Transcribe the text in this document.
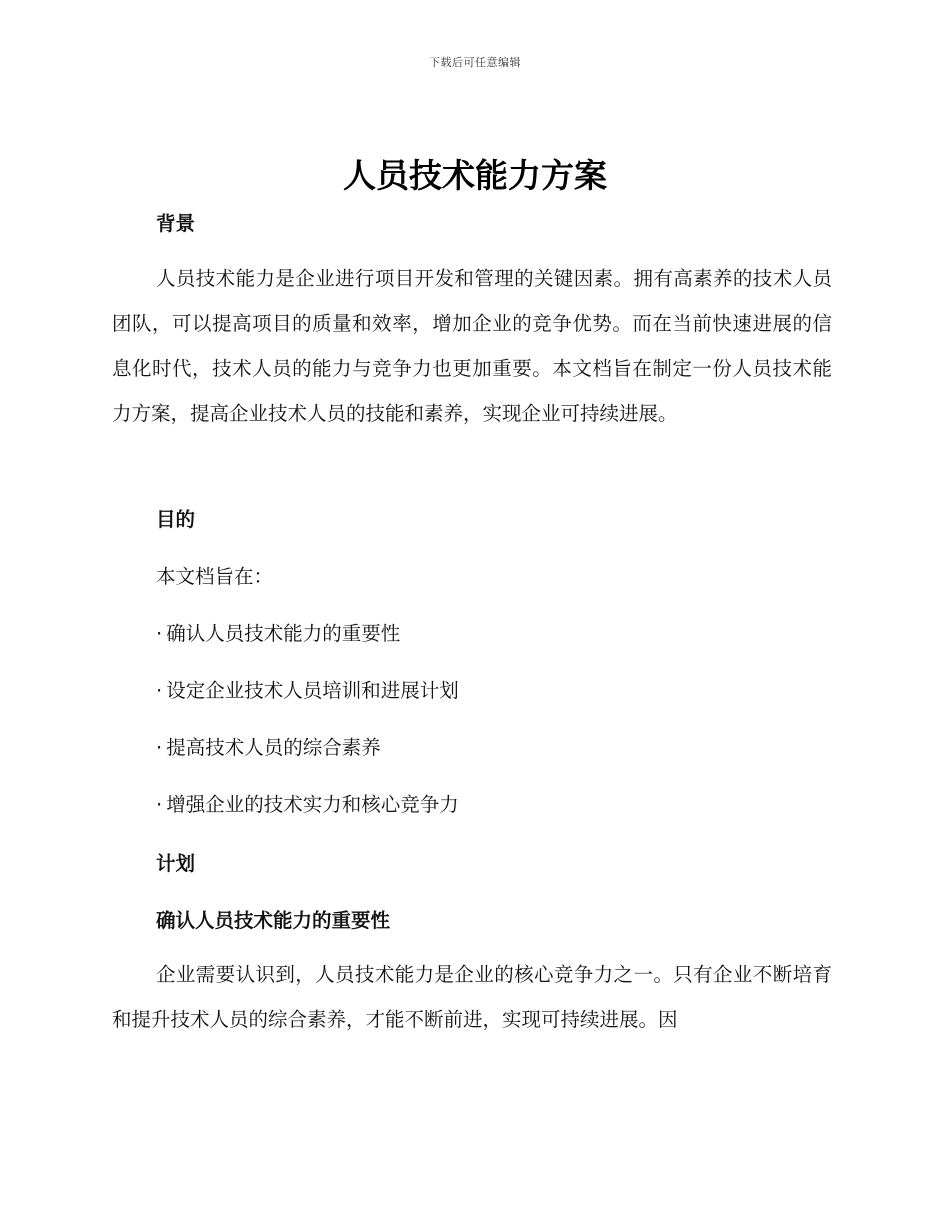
下载后可任意编辑
人员技术能力方案
背景

人员技术能力是企业进行项目开发和管理的关键因素。拥有高素养的技术人员团队，可以提高项目的质量和效率，增加企业的竞争优势。而在当前快速进展的信息化时代，技术人员的能力与竞争力也更加重要。本文档旨在制定一份人员技术能力方案，提高企业技术人员的技能和素养，实现企业可持续进展。

目的

本文档旨在：

· 确认人员技术能力的重要性

· 设定企业技术人员培训和进展计划

· 提高技术人员的综合素养

· 增强企业的技术实力和核心竞争力

计划
确认人员技术能力的重要性

企业需要认识到，人员技术能力是企业的核心竞争力之一。只有企业不断培育和提升技术人员的综合素养，才能不断前进，实现可持续进展。因
